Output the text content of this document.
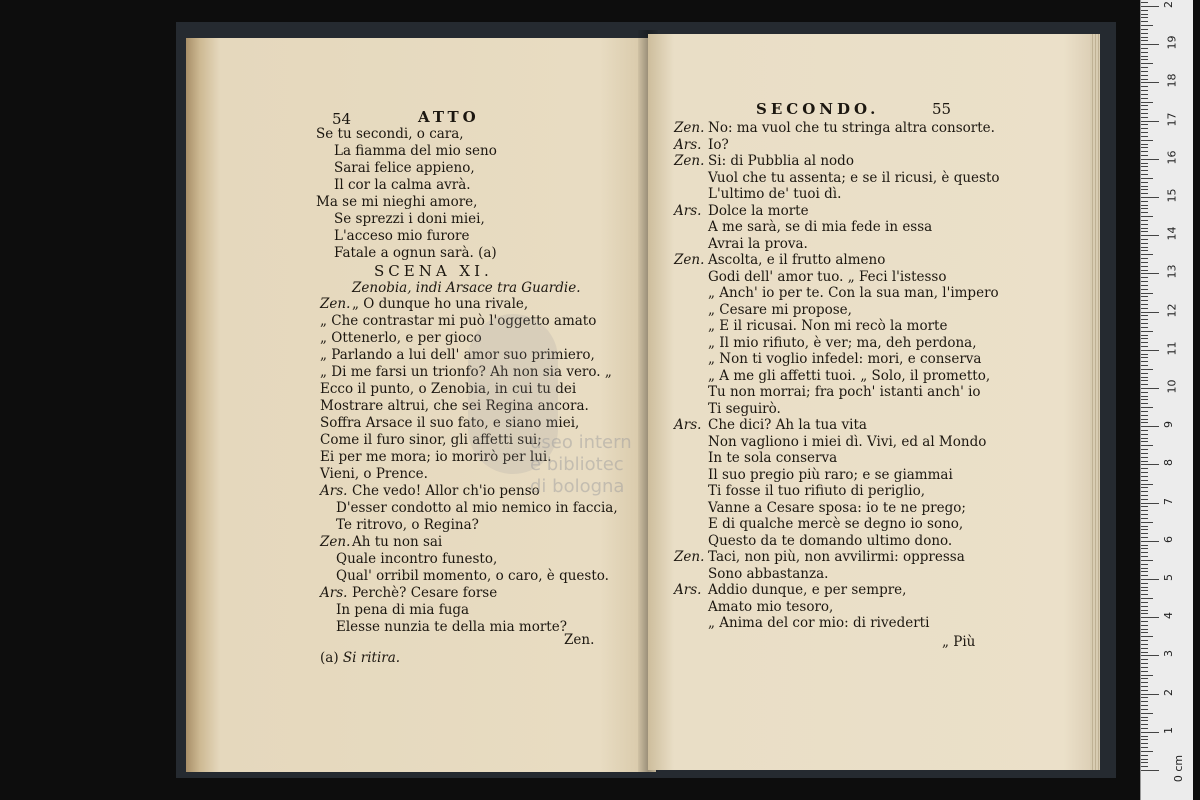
54	ATTO
Se tu secondi, o cara,
La fiamma del mio seno
Sarai felice appieno,
Il cor la calma avrà.
Ma se mi nieghi amore,
Se sprezzi i doni miei,
L'acceso mio furore
Fatale a ognun sarà. (a)
SCENA XI.
Zenobia, indi Arsace tra Guardie.
Zen. „ O dunque ho una rivale,
„ Che contrastar mi può l'oggetto amato
„ Ottenerlo, e per gioco
„ Parlando a lui dell' amor suo primiero,
„ Di me farsi un trionfo? Ah non sia vero. „
Ecco il punto, o Zenobia, in cui tu dei
Mostrare altrui, che sei Regina ancora.
Soffra Arsace il suo fato, e siano miei,
Come il furo sinor, gli affetti sui;
Ei per me mora; io morirò per lui.
Vieni, o Prence.
Ars. Che vedo! Allor ch'io penso
D'esser condotto al mio nemico in faccia,
Te ritrovo, o Regina?
Zen. Ah tu non sai
Quale incontro funesto,
Qual' orribil momento, o caro, è questo.
Ars. Perchè? Cesare forse
In pena di mia fuga
Elesse nunzia te della mia morte?
Zen.
(a) Si ritira.
SECONDO.	55
Zen. No: ma vuol che tu stringa altra consorte.
Ars. Io?
Zen. Si: di Pubblia al nodo
Vuol che tu assenta; e se il ricusi, è questo
L'ultimo de' tuoi dì.
Ars. Dolce la morte
A me sarà, se di mia fede in essa
Avrai la prova.
Zen. Ascolta, e il frutto almeno
Godi dell' amor tuo. „ Feci l'istesso
„ Anch' io per te. Con la sua man, l'impero
„ Cesare mi propose,
„ E il ricusai. Non mi recò la morte
„ Il mio rifiuto, è ver; ma, deh perdona,
„ Non ti voglio infedel: mori, e conserva
„ A me gli affetti tuoi. „ Solo, il prometto,
Tu non morrai; fra poch' istanti anch' io
Ti seguirò.
Ars. Che dici? Ah la tua vita
Non vagliono i miei dì. Vivi, ed al Mondo
In te sola conserva
Il suo pregio più raro; e se giammai
Ti fosse il tuo rifiuto di periglio,
Vanne a Cesare sposa: io te ne prego;
E di qualche mercè se degno io sono,
Questo da te domando ultimo dono.
Zen. Taci, non più, non avvilirmi: oppressa
Sono abbastanza.
Ars. Addio dunque, e per sempre,
Amato mio tesoro,
„ Anima del cor mio: di rivederti
„ Più
useo intern
e bibliotec
di bologna
0 cm
1
2
3
4
5
6
7
8
9
10
11
12
13
14
15
16
17
18
19
2
